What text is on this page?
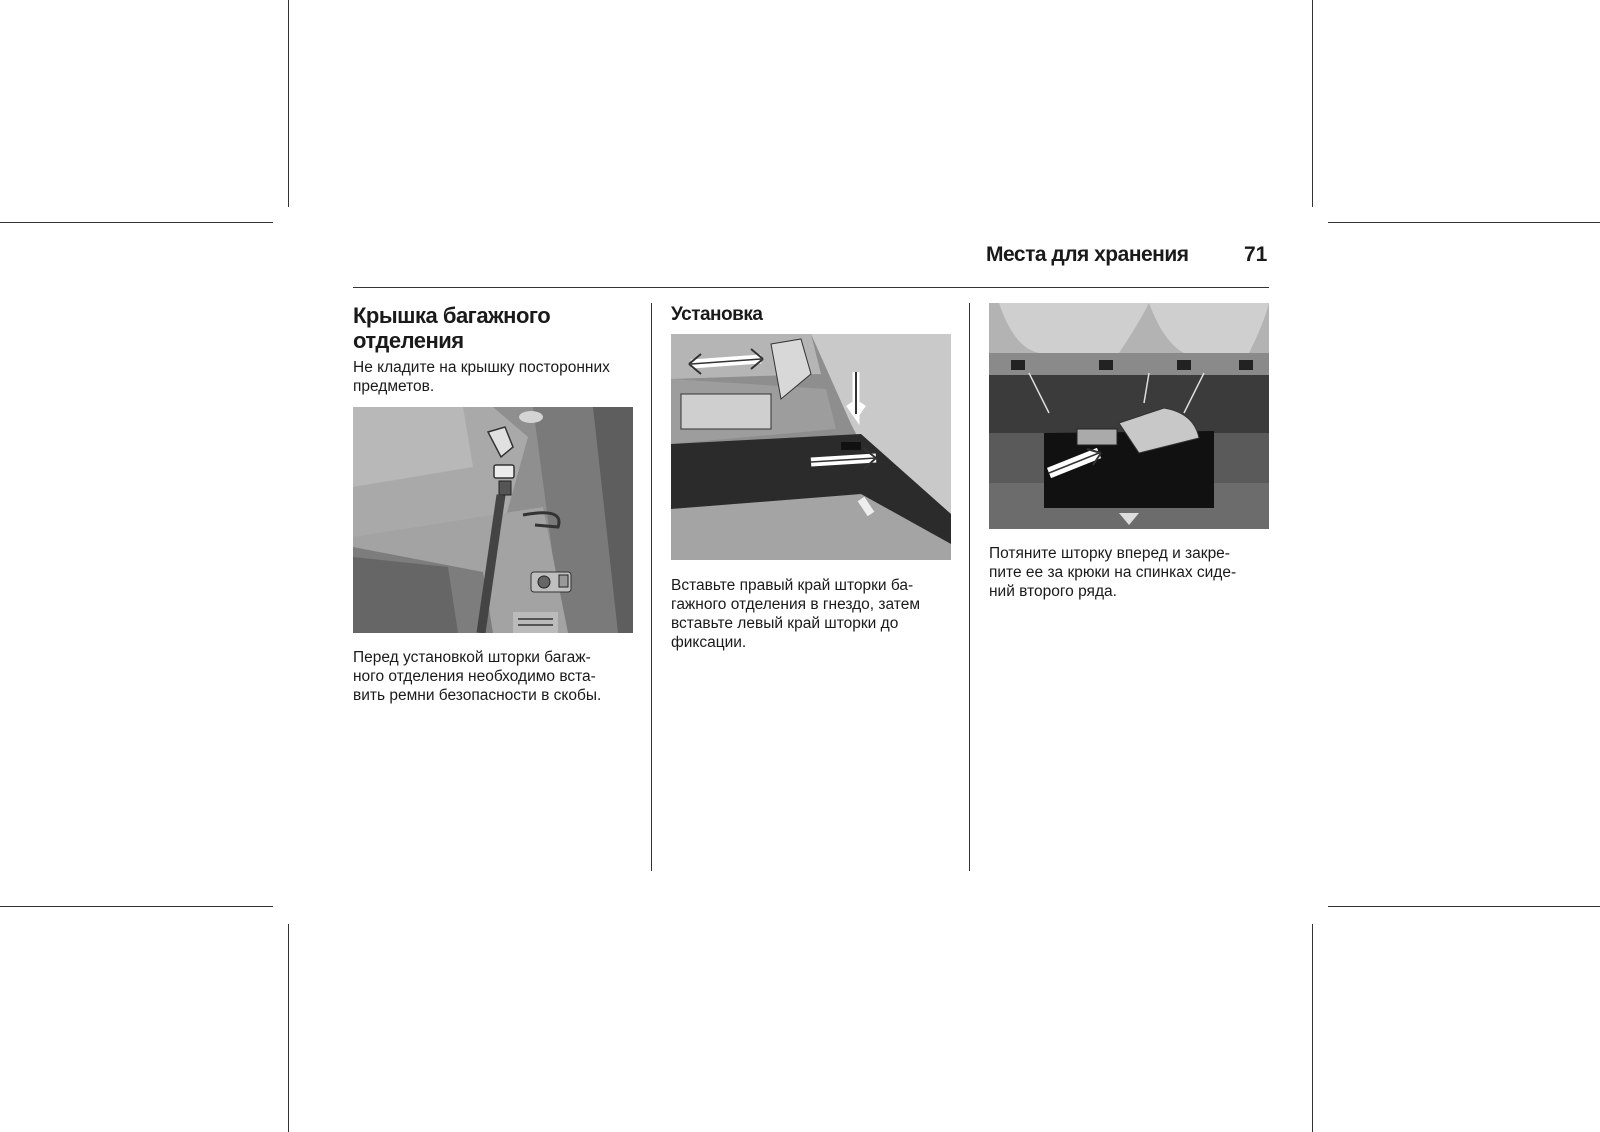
Места для хранения	71
Крышка багажного отделения

Не кладите на крышку посторонних
предметов.

Перед установкой шторки багаж-
ного отделения необходимо вста-
вить ремни безопасности в скобы.

Установка

Вставьте правый край шторки ба-
гажного отделения в гнездо, затем
вставьте левый край шторки до
фиксации.

Потяните шторку вперед и закре-
пите ее за крюки на спинках сиде-
ний второго ряда.
